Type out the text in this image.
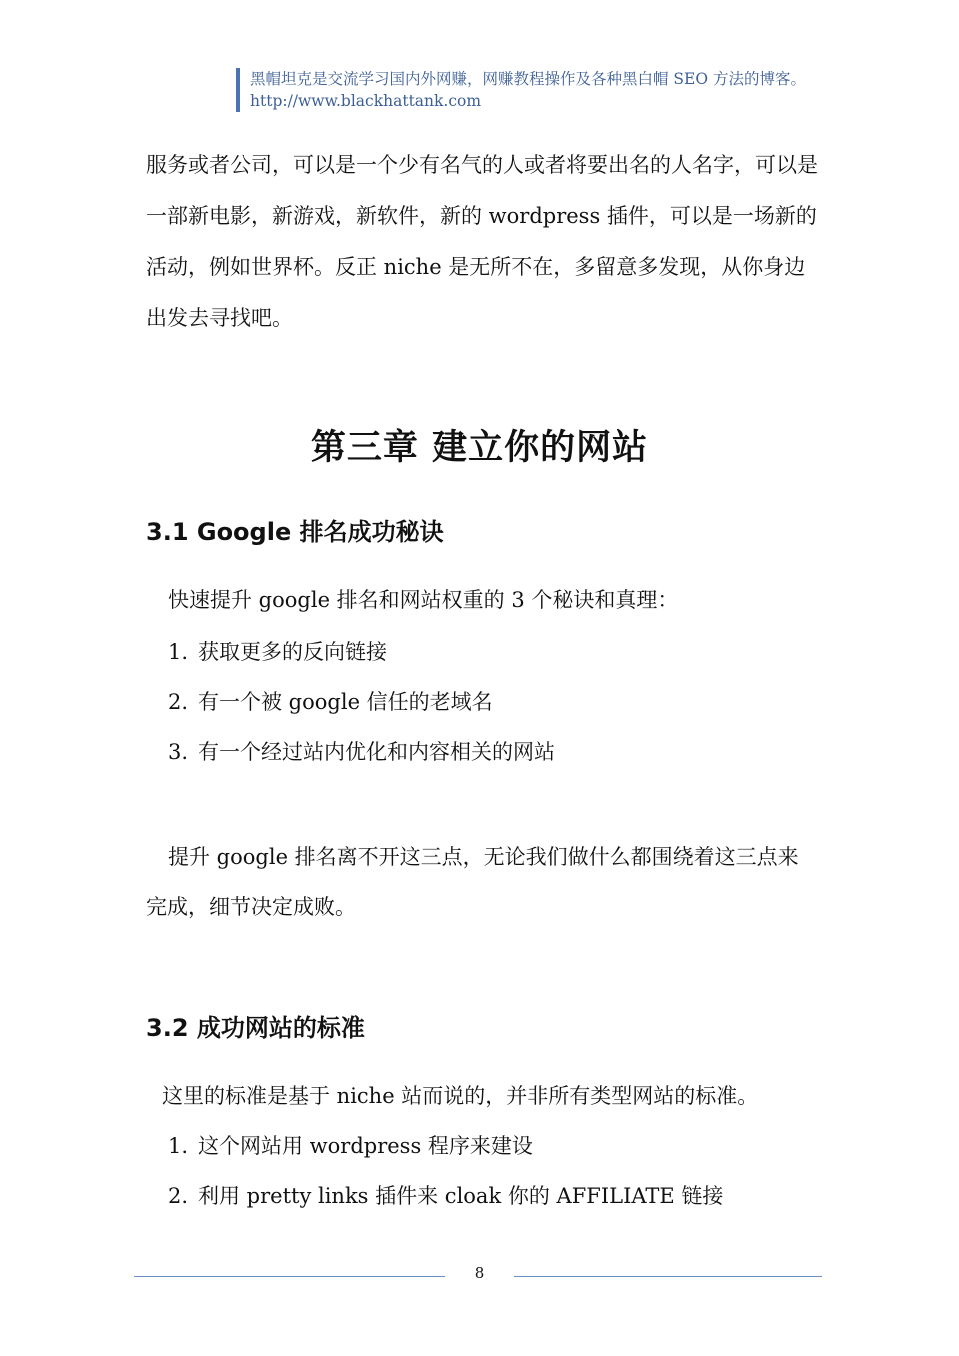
黑帽坦克是交流学习国内外网赚，网赚教程操作及各种黑白帽 SEO 方法的博客。http://www.blackhattank.com
服务或者公司，可以是一个少有名气的人或者将要出名的人名字，可以是一部新电影，新游戏，新软件，新的 wordpress 插件，可以是一场新的活动，例如世界杯。反正 niche 是无所不在，多留意多发现，从你身边出发去寻找吧。
第三章 建立你的网站
3.1 Google 排名成功秘诀
快速提升 google 排名和网站权重的 3 个秘诀和真理：
1. 获取更多的反向链接
2. 有一个被 google 信任的老域名
3. 有一个经过站内优化和内容相关的网站
提升 google 排名离不开这三点，无论我们做什么都围绕着这三点来完成，细节决定成败。
3.2 成功网站的标准
这里的标准是基于 niche 站而说的，并非所有类型网站的标准。
1. 这个网站用 wordpress 程序来建设
2. 利用 pretty links 插件来 cloak 你的 AFFILIATE 链接
8
